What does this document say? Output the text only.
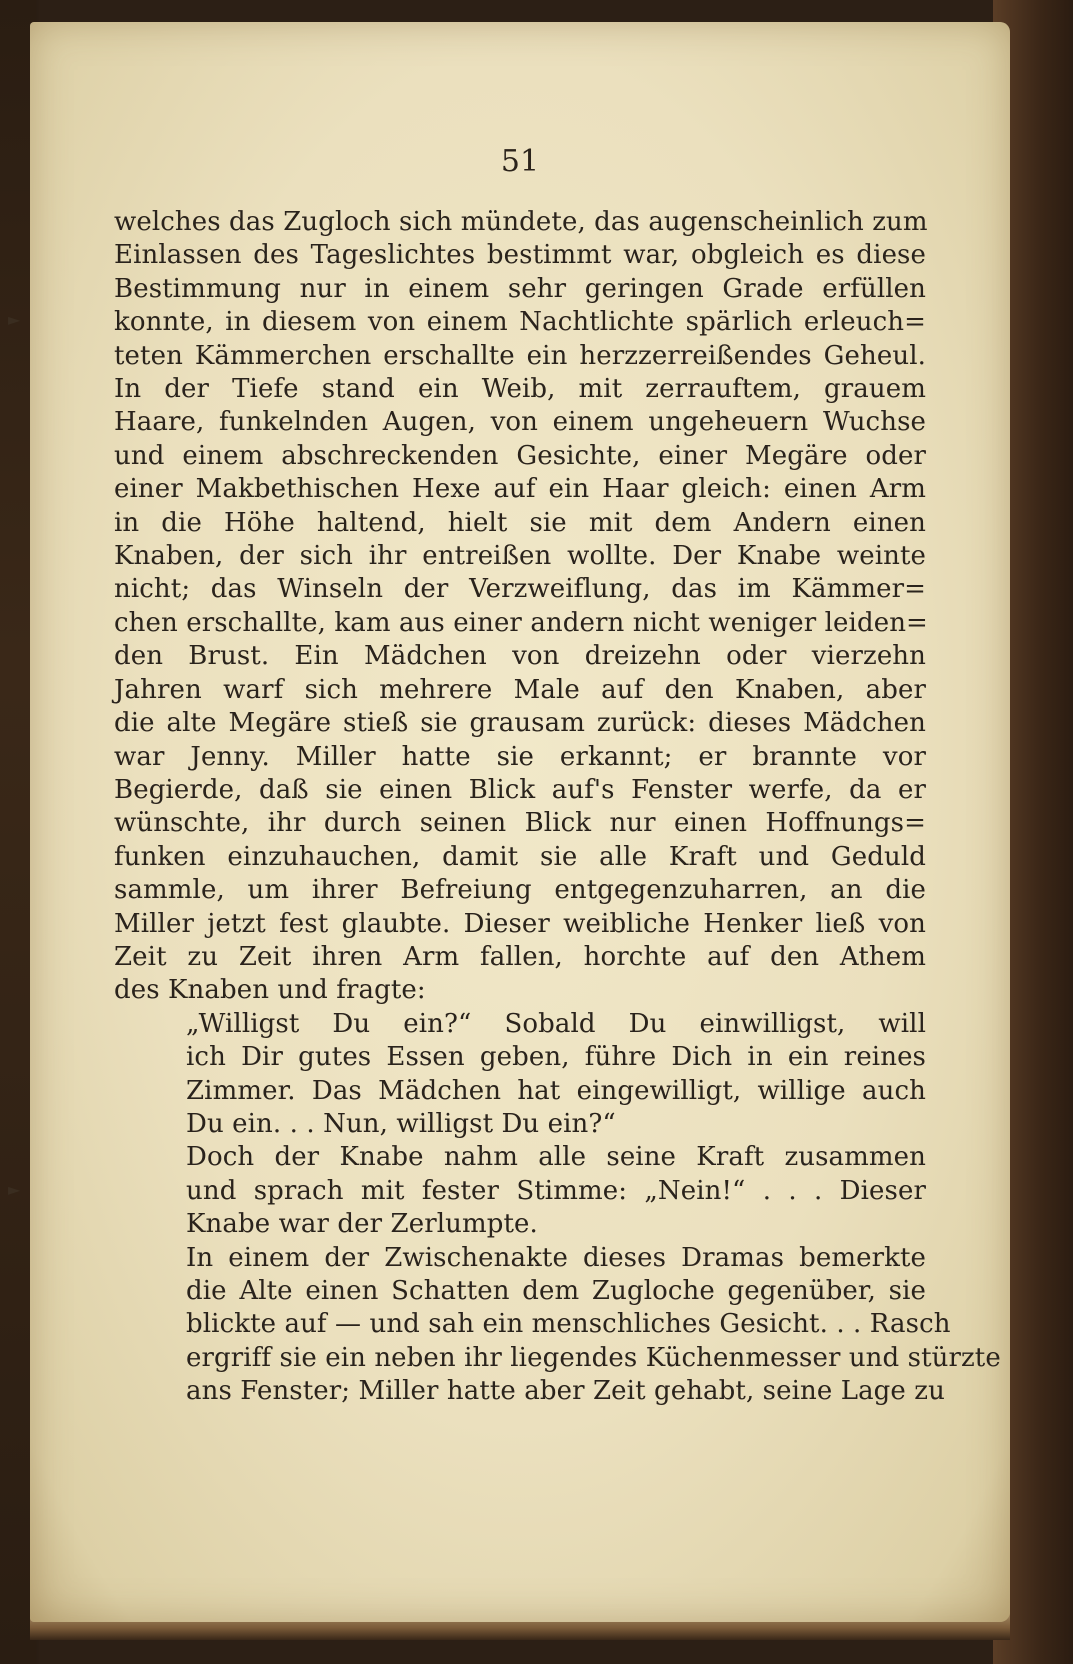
51

welches das Zugloch sich mündete, das augenscheinlich zum
Einlassen des Tageslichtes bestimmt war, obgleich es diese
Bestimmung nur in einem sehr geringen Grade erfüllen
konnte, in diesem von einem Nachtlichte spärlich erleuch=
teten Kämmerchen erschallte ein herzzerreißendes Geheul.
In der Tiefe stand ein Weib, mit zerrauftem, grauem
Haare, funkelnden Augen, von einem ungeheuern Wuchse
und einem abschreckenden Gesichte, einer Megäre oder
einer Makbethischen Hexe auf ein Haar gleich: einen Arm
in die Höhe haltend, hielt sie mit dem Andern einen
Knaben, der sich ihr entreißen wollte. Der Knabe weinte
nicht; das Winseln der Verzweiflung, das im Kämmer=
chen erschallte, kam aus einer andern nicht weniger leiden=
den Brust. Ein Mädchen von dreizehn oder vierzehn
Jahren warf sich mehrere Male auf den Knaben, aber
die alte Megäre stieß sie grausam zurück: dieses Mädchen
war Jenny. Miller hatte sie erkannt; er brannte vor
Begierde, daß sie einen Blick auf's Fenster werfe, da er
wünschte, ihr durch seinen Blick nur einen Hoffnungs=
funken einzuhauchen, damit sie alle Kraft und Geduld
sammle, um ihrer Befreiung entgegenzuharren, an die
Miller jetzt fest glaubte. Dieser weibliche Henker ließ von
Zeit zu Zeit ihren Arm fallen, horchte auf den Athem
des Knaben und fragte:

„Willigst Du ein?“ Sobald Du einwilligst, will
ich Dir gutes Essen geben, führe Dich in ein reines
Zimmer. Das Mädchen hat eingewilligt, willige auch
Du ein. . . Nun, willigst Du ein?“

Doch der Knabe nahm alle seine Kraft zusammen
und sprach mit fester Stimme: „Nein!“ . . . Dieser
Knabe war der Zerlumpte.

In einem der Zwischenakte dieses Dramas bemerkte
die Alte einen Schatten dem Zugloche gegenüber, sie
blickte auf — und sah ein menschliches Gesicht. . . Rasch
ergriff sie ein neben ihr liegendes Küchenmesser und stürzte
ans Fenster; Miller hatte aber Zeit gehabt, seine Lage zu

►
►
